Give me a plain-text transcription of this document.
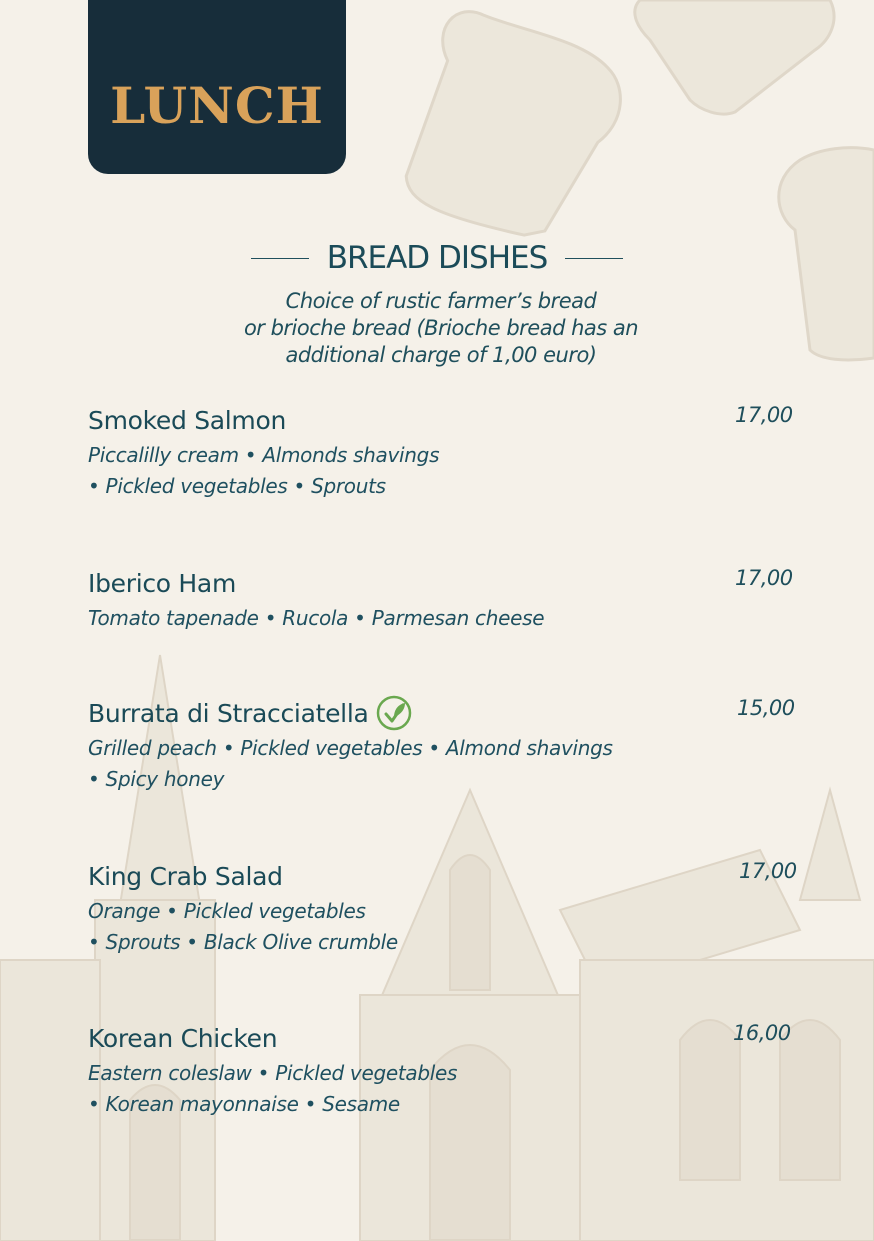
LUNCH
BREAD DISHES
Choice of rustic farmer’s bread
or brioche bread (Brioche bread has an
additional charge of 1,00 euro)
Smoked Salmon
Piccalilly cream • Almonds shavings
• Pickled vegetables • Sprouts
17,00
Iberico Ham
Tomato tapenade • Rucola • Parmesan cheese
17,00
Burrata di Stracciatella
Grilled peach • Pickled vegetables • Almond shavings
• Spicy honey
15,00
King Crab Salad
Orange • Pickled vegetables
• Sprouts • Black Olive crumble
17,00
Korean Chicken
Eastern coleslaw • Pickled vegetables
• Korean mayonnaise • Sesame
16,00
